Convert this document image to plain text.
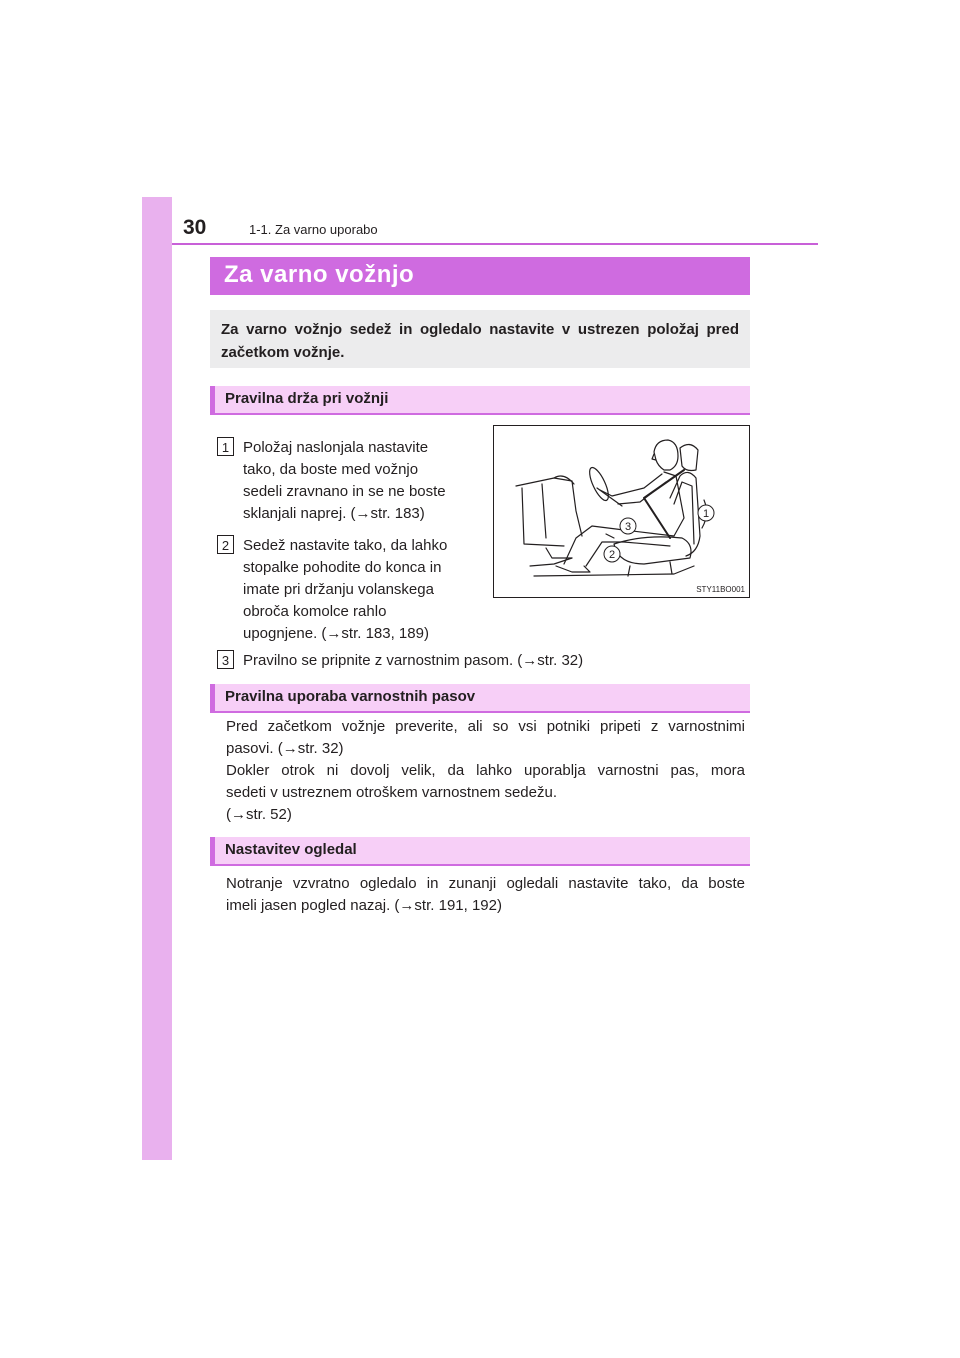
30	1-1. Za varno uporabo
Za varno vožnjo
Za varno vožnjo sedež in ogledalo nastavite v ustrezen položaj pred začetkom vožnje.
Pravilna drža pri vožnji
1 Položaj naslonjala nastavite
tako, da boste med vožnjo
sedeli zravnano in se ne boste
sklanjali naprej. (→str. 183)
2 Sedež nastavite tako, da lahko
stopalke pohodite do konca in
imate pri držanju volanskega
obroča komolce rahlo
upognjene. (→str. 183, 189)
3 Pravilno se pripnite z varnostnim pasom. (→str. 32)
1
3
2
STY11BO001
Pravilna uporaba varnostnih pasov
Pred začetkom vožnje preverite, ali so vsi potniki pripeti z varnostnimi
pasovi. (→str. 32)
Dokler otrok ni dovolj velik, da lahko uporablja varnostni pas, mora
sedeti v ustreznem otroškem varnostnem sedežu.
(→str. 52)
Nastavitev ogledal
Notranje vzvratno ogledalo in zunanji ogledali nastavite tako, da boste
imeli jasen pogled nazaj. (→str. 191, 192)
